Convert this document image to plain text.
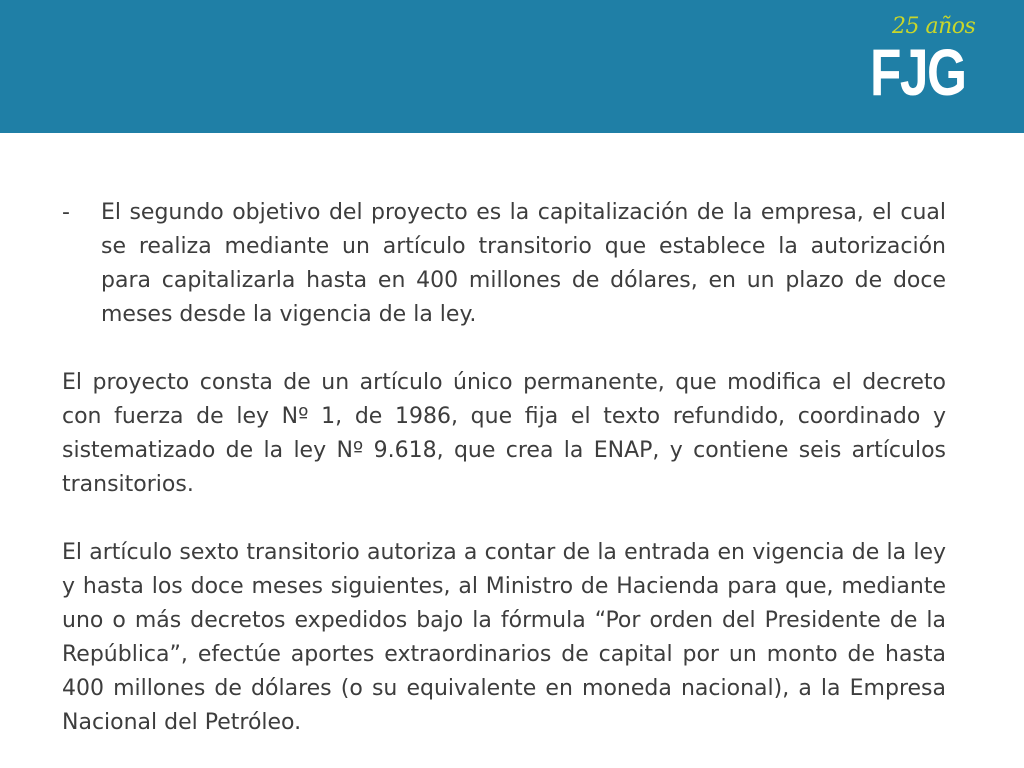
25 años
FJG
- El segundo objetivo del proyecto es la capitalización de la empresa, el cual se realiza mediante un artículo transitorio que establece la autorización para capitalizarla hasta en 400 millones de dólares, en un plazo de doce meses desde la vigencia de la ley.
El proyecto consta de un artículo único permanente, que modifica el decreto con fuerza de ley Nº 1, de 1986, que fija el texto refundido, coordinado y sistematizado de la ley Nº 9.618, que crea la ENAP, y contiene seis artículos transitorios.
El artículo sexto transitorio autoriza a contar de la entrada en vigencia de la ley y hasta los doce meses siguientes, al Ministro de Hacienda para que, mediante uno o más decretos expedidos bajo la fórmula “Por orden del Presidente de la República”, efectúe aportes extraordinarios de capital por un monto de hasta 400 millones de dólares (o su equivalente en moneda nacional), a la Empresa Nacional del Petróleo.
